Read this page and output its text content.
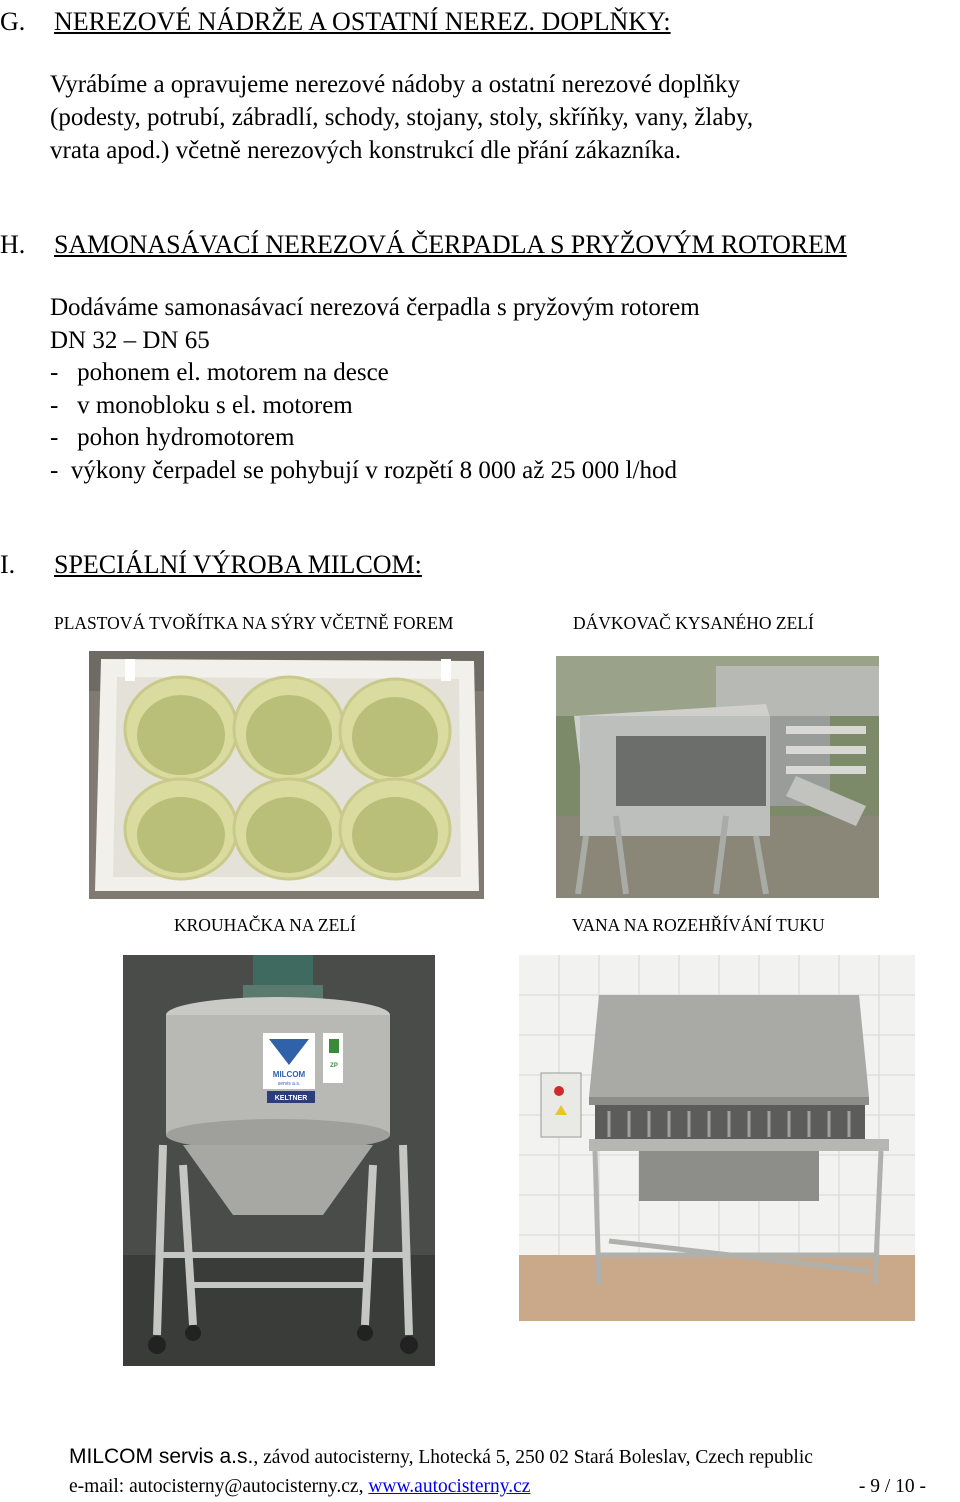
G. NEREZOVÉ NÁDRŽE A OSTATNÍ NEREZ. DOPLŇKY:
Vyrábíme a opravujeme nerezové nádoby a ostatní nerezové doplňky
(podesty, potrubí, zábradlí, schody, stojany, stoly, skříňky, vany, žlaby,
vrata apod.) včetně nerezových konstrukcí dle přání zákazníka.
H. SAMONASÁVACÍ NEREZOVÁ ČERPADLA S PRYŽOVÝM ROTOREM
Dodáváme samonasávací nerezová čerpadla s pryžovým rotorem
DN 32 – DN 65
-   pohonem el. motorem na desce
-   v monobloku s el. motorem
-   pohon hydromotorem
-  výkony čerpadel se pohybují v rozpětí 8 000 až 25 000 l/hod
I. SPECIÁLNÍ VÝROBA MILCOM:
PLASTOVÁ TVOŘÍTKA NA SÝRY VČETNĚ FOREM	DÁVKOVAČ KYSANÉHO ZELÍ
KROUHAČKA NA ZELÍ	VANA NA ROZEHŘÍVÁNÍ TUKU
MILCOM
servis a.s.
ZP
KELTNER
MILCOM servis a.s., závod autocisterny, Lhotecká 5, 250 02 Stará Boleslav, Czech republic
e-mail: autocisterny@autocisterny.cz, www.autocisterny.cz	- 9 / 10 -
